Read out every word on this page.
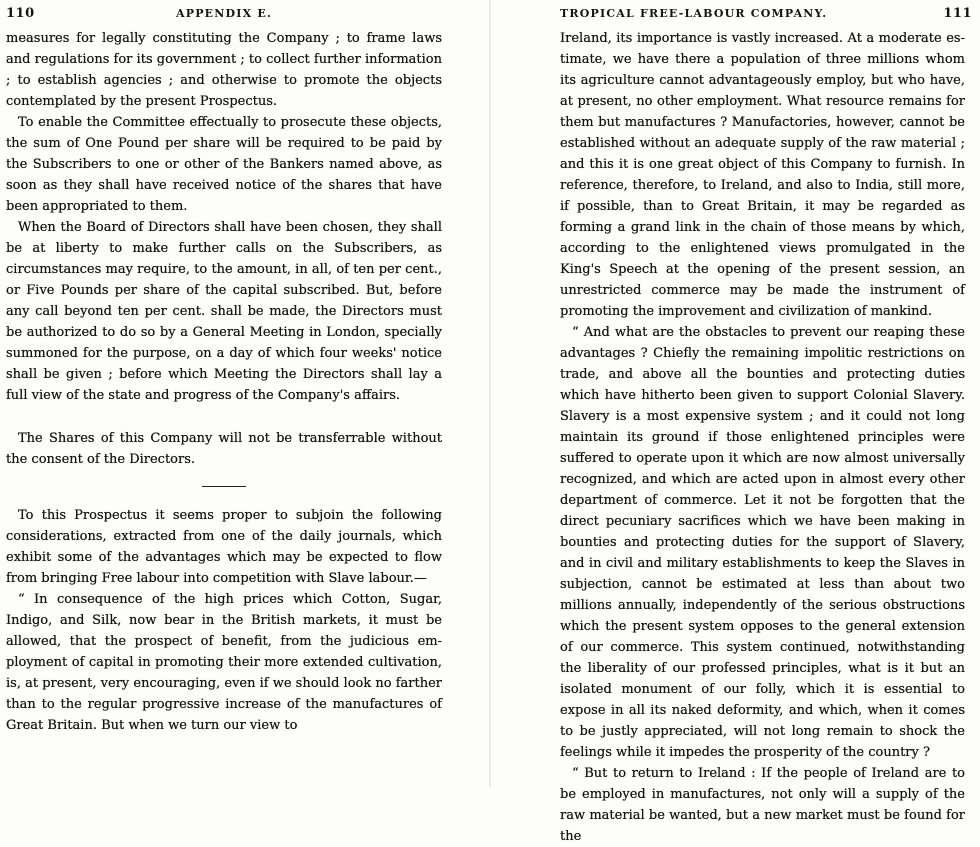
110	APPENDIX E.

measures for legally constituting the Company ; to frame laws and regulations for its government ; to collect further information ; to establish agencies ; and otherwise to promote the objects contemplated by the present Prospectus.

To enable the Committee effectually to prosecute these objects, the sum of One Pound per share will be required to be paid by the Subscribers to one or other of the Bankers named above, as soon as they shall have received notice of the shares that have been appropriated to them.

When the Board of Directors shall have been chosen, they shall be at liberty to make further calls on the Subscribers, as circumstances may require, to the amount, in all, of ten per cent., or Five Pounds per share of the capital subscribed. But, before any call beyond ten per cent. shall be made, the Directors must be authorized to do so by a General Meeting in London, specially summoned for the purpose, on a day of which four weeks' notice shall be given ; before which Meeting the Directors shall lay a full view of the state and progress of the Company's affairs.

The Shares of this Company will not be transferrable without the consent of the Directors.

To this Prospectus it seems proper to subjoin the following considerations, extracted from one of the daily journals, which exhibit some of the advantages which may be expected to flow from bringing Free labour into competition with Slave labour.—

“ In consequence of the high prices which Cotton, Sugar, Indigo, and Silk, now bear in the British markets, it must be allowed, that the prospect of benefit, from the judicious employment of capital in promoting their more extended cultivation, is, at present, very encouraging, even if we should look no farther than to the regular progressive increase of the manufactures of Great Britain. But when we turn our view to

TROPICAL FREE-LABOUR COMPANY.	111

Ireland, its importance is vastly increased. At a moderate estimate, we have there a population of three millions whom its agriculture cannot advantageously employ, but who have, at present, no other employment. What resource remains for them but manufactures ? Manufactories, however, cannot be established without an adequate supply of the raw material ; and this it is one great object of this Company to furnish. In reference, therefore, to Ireland, and also to India, still more, if possible, than to Great Britain, it may be regarded as forming a grand link in the chain of those means by which, according to the enlightened views promulgated in the King's Speech at the opening of the present session, an unrestricted commerce may be made the instrument of promoting the improvement and civilization of mankind.

“ And what are the obstacles to prevent our reaping these advantages ? Chiefly the remaining impolitic restrictions on trade, and above all the bounties and protecting duties which have hitherto been given to support Colonial Slavery. Slavery is a most expensive system ; and it could not long maintain its ground if those enlightened principles were suffered to operate upon it which are now almost universally recognized, and which are acted upon in almost every other department of commerce. Let it not be forgotten that the direct pecuniary sacrifices which we have been making in bounties and protecting duties for the support of Slavery, and in civil and military establishments to keep the Slaves in subjection, cannot be estimated at less than about two millions annually, independently of the serious obstructions which the present system opposes to the general extension of our commerce. This system continued, notwithstanding the liberality of our professed principles, what is it but an isolated monument of our folly, which it is essential to expose in all its naked deformity, and which, when it comes to be justly appreciated, will not long remain to shock the feelings while it impedes the prosperity of the country ?

“ But to return to Ireland : If the people of Ireland are to be employed in manufactures, not only will a supply of the raw material be wanted, but a new market must be found for the
